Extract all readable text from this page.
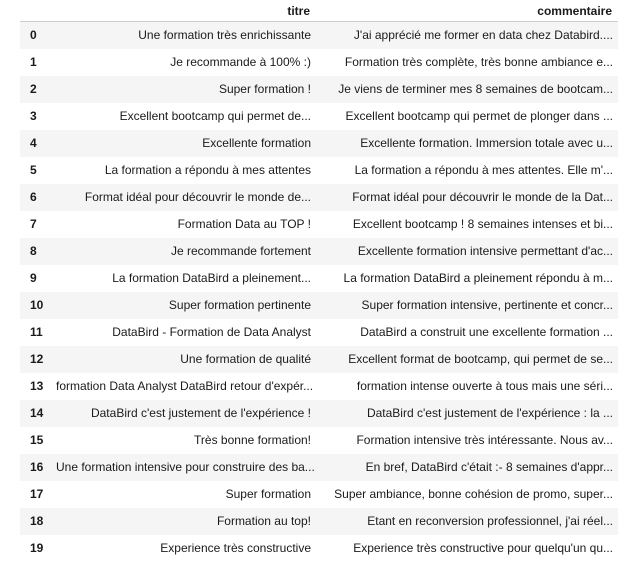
	titre	commentaire
0	Une formation très enrichissante	J'ai apprécié me former en data chez Databird....
1	Je recommande à 100% :)	Formation très complète, très bonne ambiance e...
2	Super formation !	Je viens de terminer mes 8 semaines de bootcam...
3	Excellent bootcamp qui permet de...	Excellent bootcamp qui permet de plonger dans ...
4	Excellente formation	Excellente formation. Immersion totale avec u...
5	La formation a répondu à mes attentes	La formation a répondu à mes attentes. Elle m'...
6	Format idéal pour découvrir le monde de...	Format idéal pour découvrir le monde de la Dat...
7	Formation Data au TOP !	Excellent bootcamp ! 8 semaines intenses et bi...
8	Je recommande fortement	Excellente formation intensive permettant d'ac...
9	La formation DataBird a pleinement...	La formation DataBird a pleinement répondu à m...
10	Super formation pertinente	Super formation intensive, pertinente et concr...
11	DataBird - Formation de Data Analyst	DataBird a construit une excellente formation ...
12	Une formation de qualité	Excellent format de bootcamp, qui permet de se...
13	formation Data Analyst DataBird retour d'expér...	formation intense ouverte à tous mais une séri...
14	DataBird c'est justement de l'expérience !	DataBird c'est justement de l'expérience : la ...
15	Très bonne formation!	Formation intensive très intéressante. Nous av...
16	Une formation intensive pour construire des ba...	En bref, DataBird c'était :- 8 semaines d'appr...
17	Super formation	Super ambiance, bonne cohésion de promo, super...
18	Formation au top!	Etant en reconversion professionnel, j'ai réel...
19	Experience très constructive	Experience très constructive pour quelqu'un qu...
